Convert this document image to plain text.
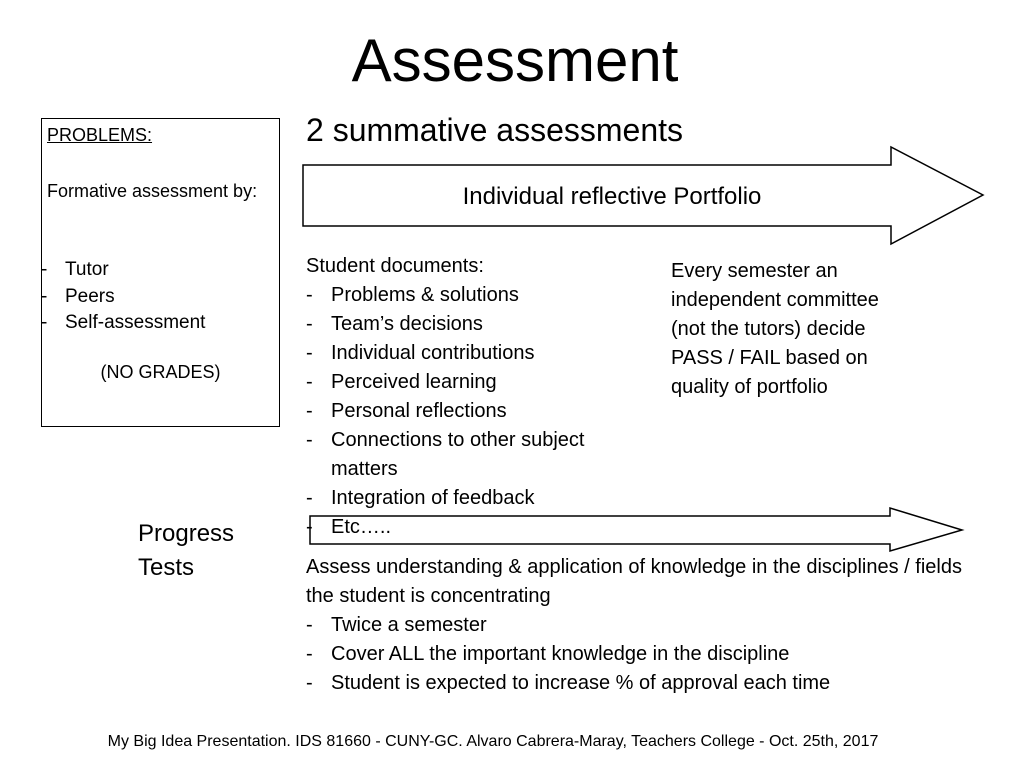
Assessment
PROBLEMS:
Formative assessment by:
- Tutor
- Peers
- Self-assessment
(NO GRADES)
2 summative assessments
Individual reflective Portfolio
Student documents:
- Problems & solutions
- Team’s decisions
- Individual contributions
- Perceived learning
- Personal reflections
- Connections to other subject matters
- Integration of feedback
- Etc…..
Every semester an independent committee (not the tutors) decide PASS / FAIL based on quality of portfolio
Progress
Tests	Assess understanding & application of knowledge in the disciplines / fields the student is concentrating
- Twice a semester
- Cover ALL the important knowledge in the discipline
- Student is expected to increase % of approval each time
My Big Idea Presentation. IDS 81660 - CUNY-GC. Alvaro Cabrera-Maray, Teachers College - Oct. 25th, 2017
